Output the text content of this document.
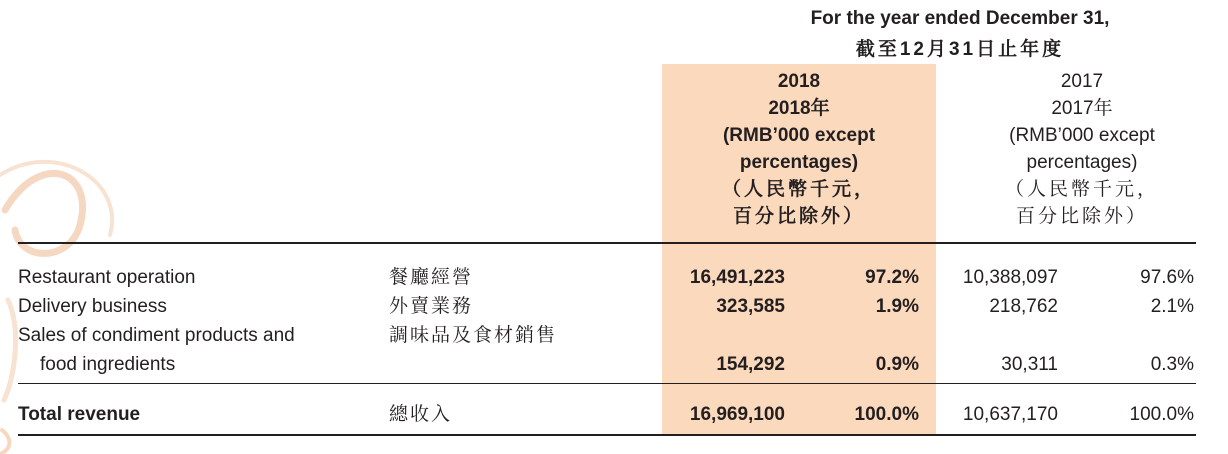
For the year ended December 31,
截至12月31日止年度
2018
2018年
(RMB’000 except
percentages)
（人民幣千元，
百分比除外）
2017
2017年
(RMB’000 except
percentages)
（人民幣千元，
百分比除外）
Restaurant operation	餐廳經營	16,491,223	97.2% 10,388,097	97.6%
Delivery business	外賣業務	323,585	1.9%	218,762	2.1%
Sales of condiment products and	調味品及食材銷售
food ingredients	154,292	0.9%	30,311	0.3%
Total revenue	總收入	16,969,100	100.0% 10,637,170	100.0%
